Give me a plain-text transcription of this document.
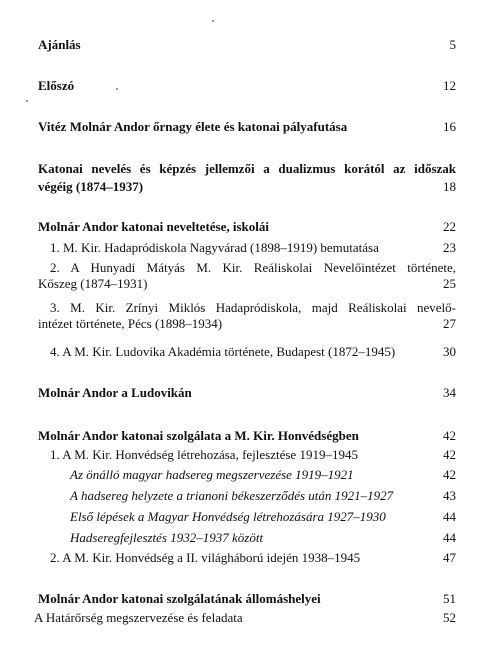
Ajánlás	5
Előszó	12
Vitéz Molnár Andor őrnagy élete és katonai pályafutása	16
Katonai nevelés és képzés jellemzői a dualizmus korától az időszak
végéig (1874–1937)	18
Molnár Andor katonai neveltetése, iskolái	22
1. M. Kir. Hadapródiskola Nagyvárad (1898–1919) bemutatása	23
2. A Hunyadi Mátyás M. Kir. Reáliskolai Nevelőintézet története,
Kőszeg (1874–1931)	25
3. M. Kir. Zrínyi Miklós Hadapródiskola, majd Reáliskolai nevelő-
intézet története, Pécs (1898–1934)	27
4. A M. Kir. Ludovika Akadémia története, Budapest (1872–1945)	30
Molnár Andor a Ludovikán	34
Molnár Andor katonai szolgálata a M. Kir. Honvédségben	42
1. A M. Kir. Honvédség létrehozása, fejlesztése 1919–1945	42
Az önálló magyar hadsereg megszervezése 1919–1921	42
A hadsereg helyzete a trianoni békeszerződés után 1921–1927	43
Első lépések a Magyar Honvédség létrehozására 1927–1930	44
Hadseregfejlesztés 1932–1937 között	44
2. A M. Kir. Honvédség a II. világháború idején 1938–1945	47
Molnár Andor katonai szolgálatának állomáshelyei	51
A Határőrség megszervezése és feladata	52
